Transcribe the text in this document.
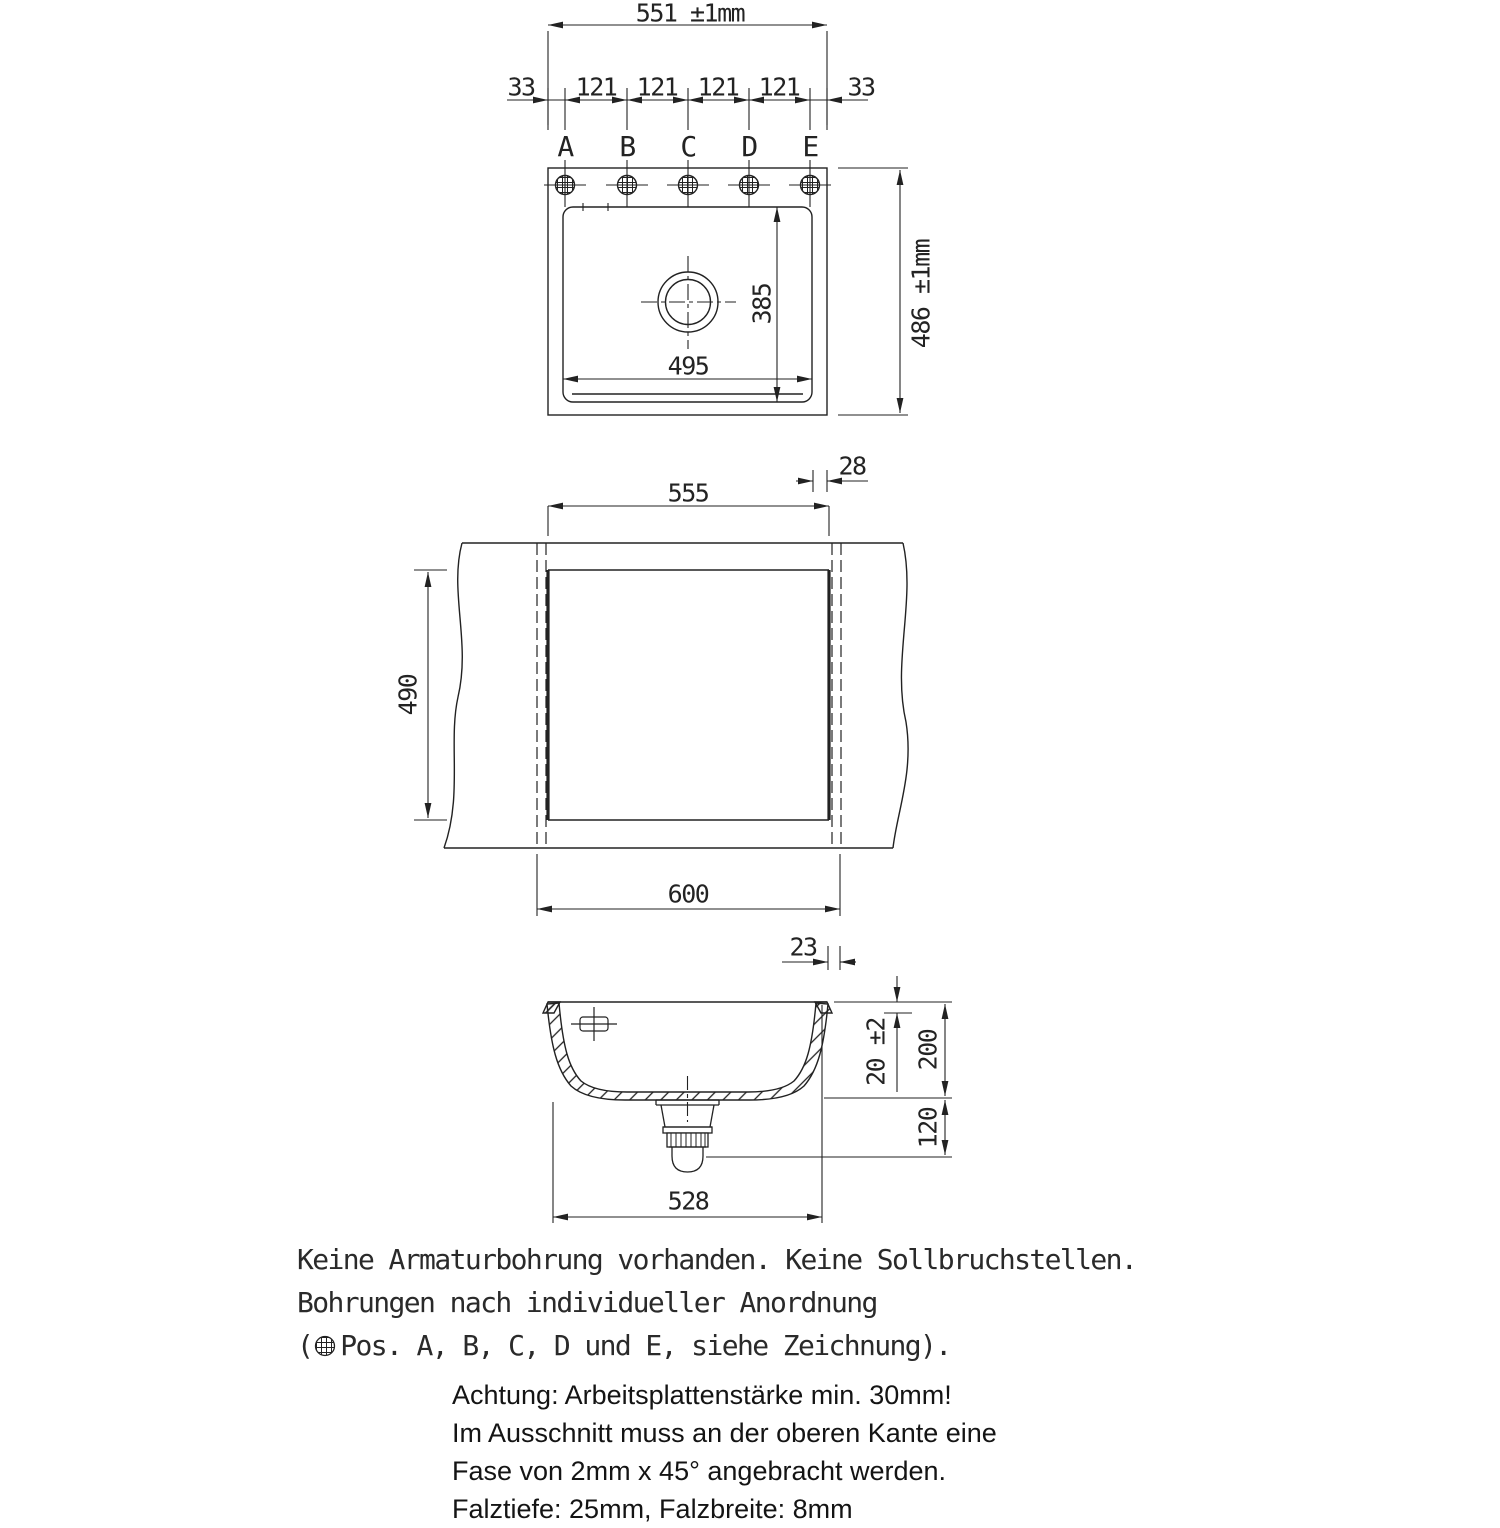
551 ±1mm
33 121 121 121 121 33
A B C D E
495
385	486 ±1mm
28
555
490
600
23
20 ±2 200
120
528
Keine Armaturbohrung vorhanden. Keine Sollbruchstellen.
Bohrungen nach individueller Anordnung
( Pos. A, B, C, D und E, siehe Zeichnung).
Achtung: Arbeitsplattenstärke min. 30mm!
Im Ausschnitt muss an der oberen Kante eine
Fase von 2mm x 45° angebracht werden.
Falztiefe: 25mm, Falzbreite: 8mm
